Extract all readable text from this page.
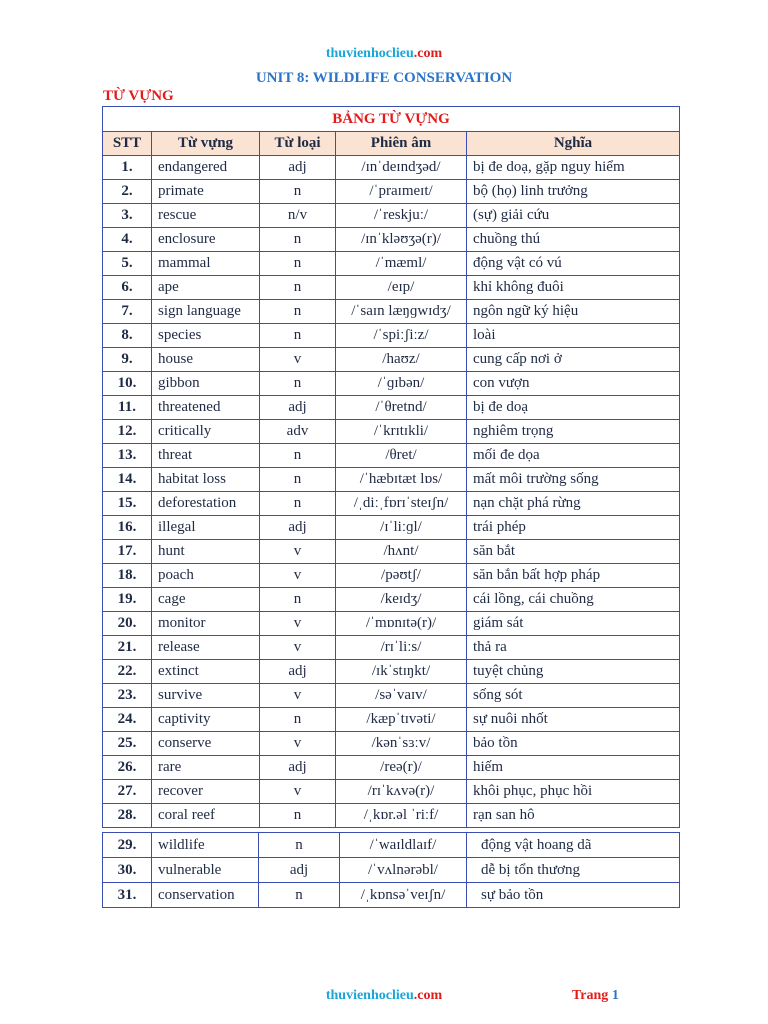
thuvienhoclieu.com
UNIT 8: WILDLIFE CONSERVATION
TỪ VỰNG
BẢNG TỪ VỰNG				
STT	Từ vựng	Từ loại	Phiên âm	Nghĩa
1.	endangered	adj	/ɪnˈdeɪndʒəd/	bị đe doạ, gặp nguy hiểm
2.	primate	n	/ˈpraɪmeɪt/	bộ (họ) linh trưởng
3.	rescue	n/v	/ˈreskjuː/	(sự) giải cứu
4.	enclosure	n	/ɪnˈkləʊʒə(r)/	chuồng thú
5.	mammal	n	/ˈmæml/	động vật có vú
6.	ape	n	/eɪp/	khỉ không đuôi
7.	sign language	n	/ˈsaɪn læŋɡwɪdʒ/	ngôn ngữ ký hiệu
8.	species	n	/ˈspiːʃiːz/	loài
9.	house	v	/haʊz/	cung cấp nơi ở
10.	gibbon	n	/ˈɡɪbən/	con vượn
11.	threatened	adj	/ˈθretnd/	bị đe doạ
12.	critically	adv	/ˈkrɪtɪkli/	nghiêm trọng
13.	threat	n	/θret/	mối đe dọa
14.	habitat loss	n	/ˈhæbɪtæt lɒs/	mất môi trường sống
15.	deforestation	n	/ˌdiːˌfɒrɪˈsteɪʃn/	nạn chặt phá rừng
16.	illegal	adj	/ɪˈliːɡl/	trái phép
17.	hunt	v	/hʌnt/	săn bắt
18.	poach	v	/pəʊtʃ/	săn bắn bất hợp pháp
19.	cage	n	/keɪdʒ/	cái lồng, cái chuồng
20.	monitor	v	/ˈmɒnɪtə(r)/	giám sát
21.	release	v	/rɪˈliːs/	thả ra
22.	extinct	adj	/ɪkˈstɪŋkt/	tuyệt chủng
23.	survive	v	/səˈvaɪv/	sống sót
24.	captivity	n	/kæpˈtɪvəti/	sự nuôi nhốt
25.	conserve	v	/kənˈsɜːv/	bảo tồn
26.	rare	adj	/reə(r)/	hiếm
27.	recover	v	/rɪˈkʌvə(r)/	khôi phục, phục hồi
28.	coral reef	n	/ˌkɒr.əl ˈriːf/	rạn san hô
29.	wildlife	n	/ˈwaɪldlaɪf/	động vật hoang dã
30.	vulnerable	adj	/ˈvʌlnərəbl/	dễ bị tổn thương
31.	conservation	n	/ˌkɒnsəˈveɪʃn/	sự bảo tồn
thuvienhoclieu.com	Trang 1
